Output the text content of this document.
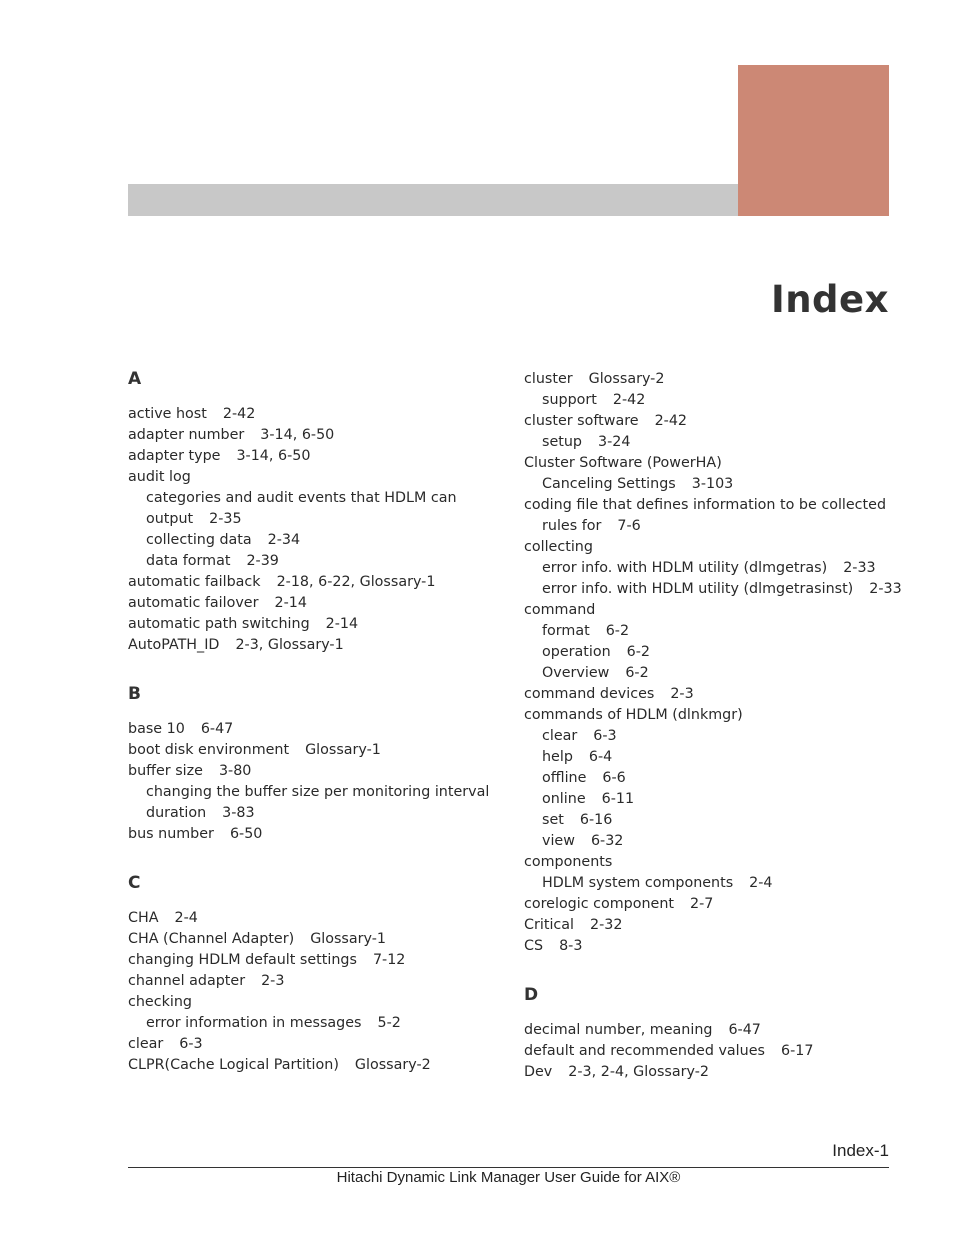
Index
A
active host 2-42
adapter number 3-14, 6-50
adapter type 3-14, 6-50
audit log
categories and audit events that HDLM can
output 2-35
collecting data 2-34
data format 2-39
automatic failback 2-18, 6-22, Glossary-1
automatic failover 2-14
automatic path switching 2-14
AutoPATH_ID 2-3, Glossary-1
B
base 10 6-47
boot disk environment Glossary-1
buffer size 3-80
changing the buffer size per monitoring interval
duration 3-83
bus number 6-50
C
CHA 2-4
CHA (Channel Adapter) Glossary-1
changing HDLM default settings 7-12
channel adapter 2-3
checking
error information in messages 5-2
clear 6-3
CLPR(Cache Logical Partition) Glossary-2
cluster Glossary-2
support 2-42
cluster software 2-42
setup 3-24
Cluster Software (PowerHA)
Canceling Settings 3-103
coding file that defines information to be collected
rules for 7-6
collecting
error info. with HDLM utility (dlmgetras) 2-33
error info. with HDLM utility (dlmgetrasinst) 2-33
command
format 6-2
operation 6-2
Overview 6-2
command devices 2-3
commands of HDLM (dlnkmgr)
clear 6-3
help 6-4
offline 6-6
online 6-11
set 6-16
view 6-32
components
HDLM system components 2-4
corelogic component 2-7
Critical 2-32
CS 8-3
D
decimal number, meaning 6-47
default and recommended values 6-17
Dev 2-3, 2-4, Glossary-2
Index-1
Hitachi Dynamic Link Manager User Guide for AIX®
